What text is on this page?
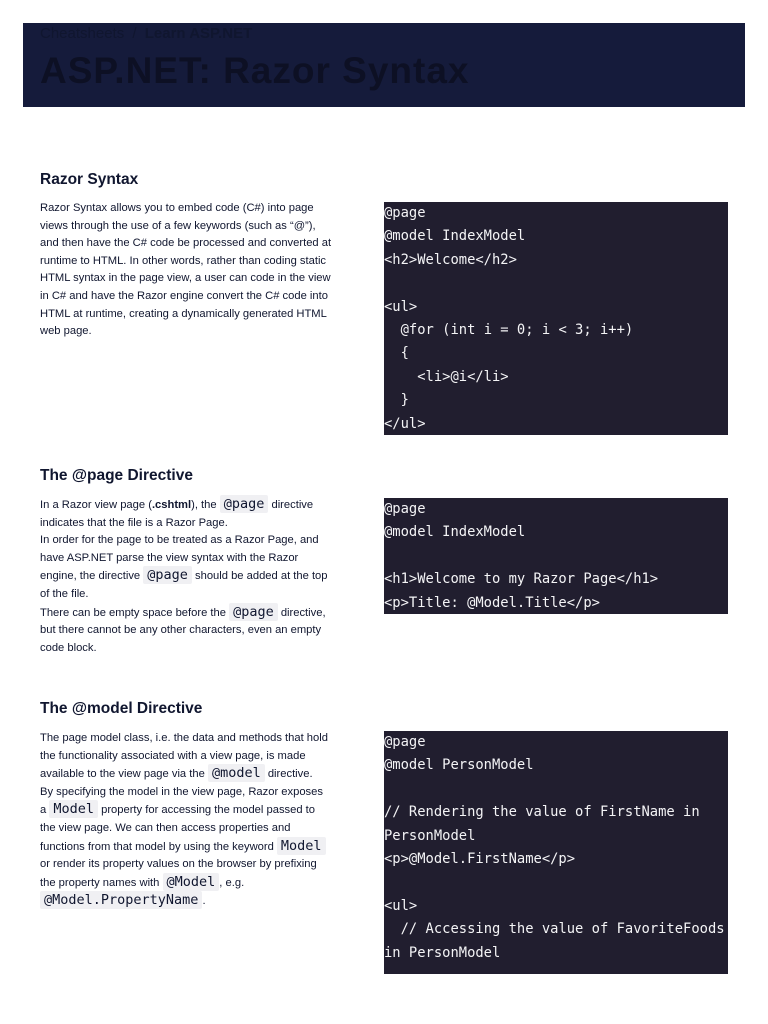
Cheatsheets / Learn ASP.NET
ASP.NET: Razor Syntax
Razor Syntax

Razor Syntax allows you to embed code (C#) into page views through the use of a few keywords (such as “@”), and then have the C# code be processed and converted at runtime to HTML. In other words, rather than coding static HTML syntax in the page view, a user can code in the view in C# and have the Razor engine convert the C# code into HTML at runtime, creating a dynamically generated HTML web page.

@page
@model IndexModel
<h2>Welcome</h2>
<ul>
@for (int i = 0; i < 3; i++)
{
<li>@i</li>
}
</ul>
The @page Directive

In a Razor view page (.cshtml), the @page directive indicates that the file is a Razor Page.

In order for the page to be treated as a Razor Page, and have ASP.NET parse the view syntax with the Razor engine, the directive @page should be added at the top of the file.

There can be empty space before the @page directive, but there cannot be any other characters, even an empty code block.

@page
@model IndexModel
<h1>Welcome to my Razor Page</h1>
<p>Title: @Model.Title</p>
The @model Directive

The page model class, i.e. the data and methods that hold the functionality associated with a view page, is made available to the view page via the @model directive.

By specifying the model in the view page, Razor exposes a Model property for accessing the model passed to the view page. We can then access properties and functions from that model by using the keyword Model or render its property values on the browser by prefixing the property names with @Model , e.g. @Model.PropertyName .

@page
@model PersonModel
// Rendering the value of FirstName in PersonModel
<p>@Model.FirstName</p>
<ul>
// Accessing the value of FavoriteFoods in PersonModel
